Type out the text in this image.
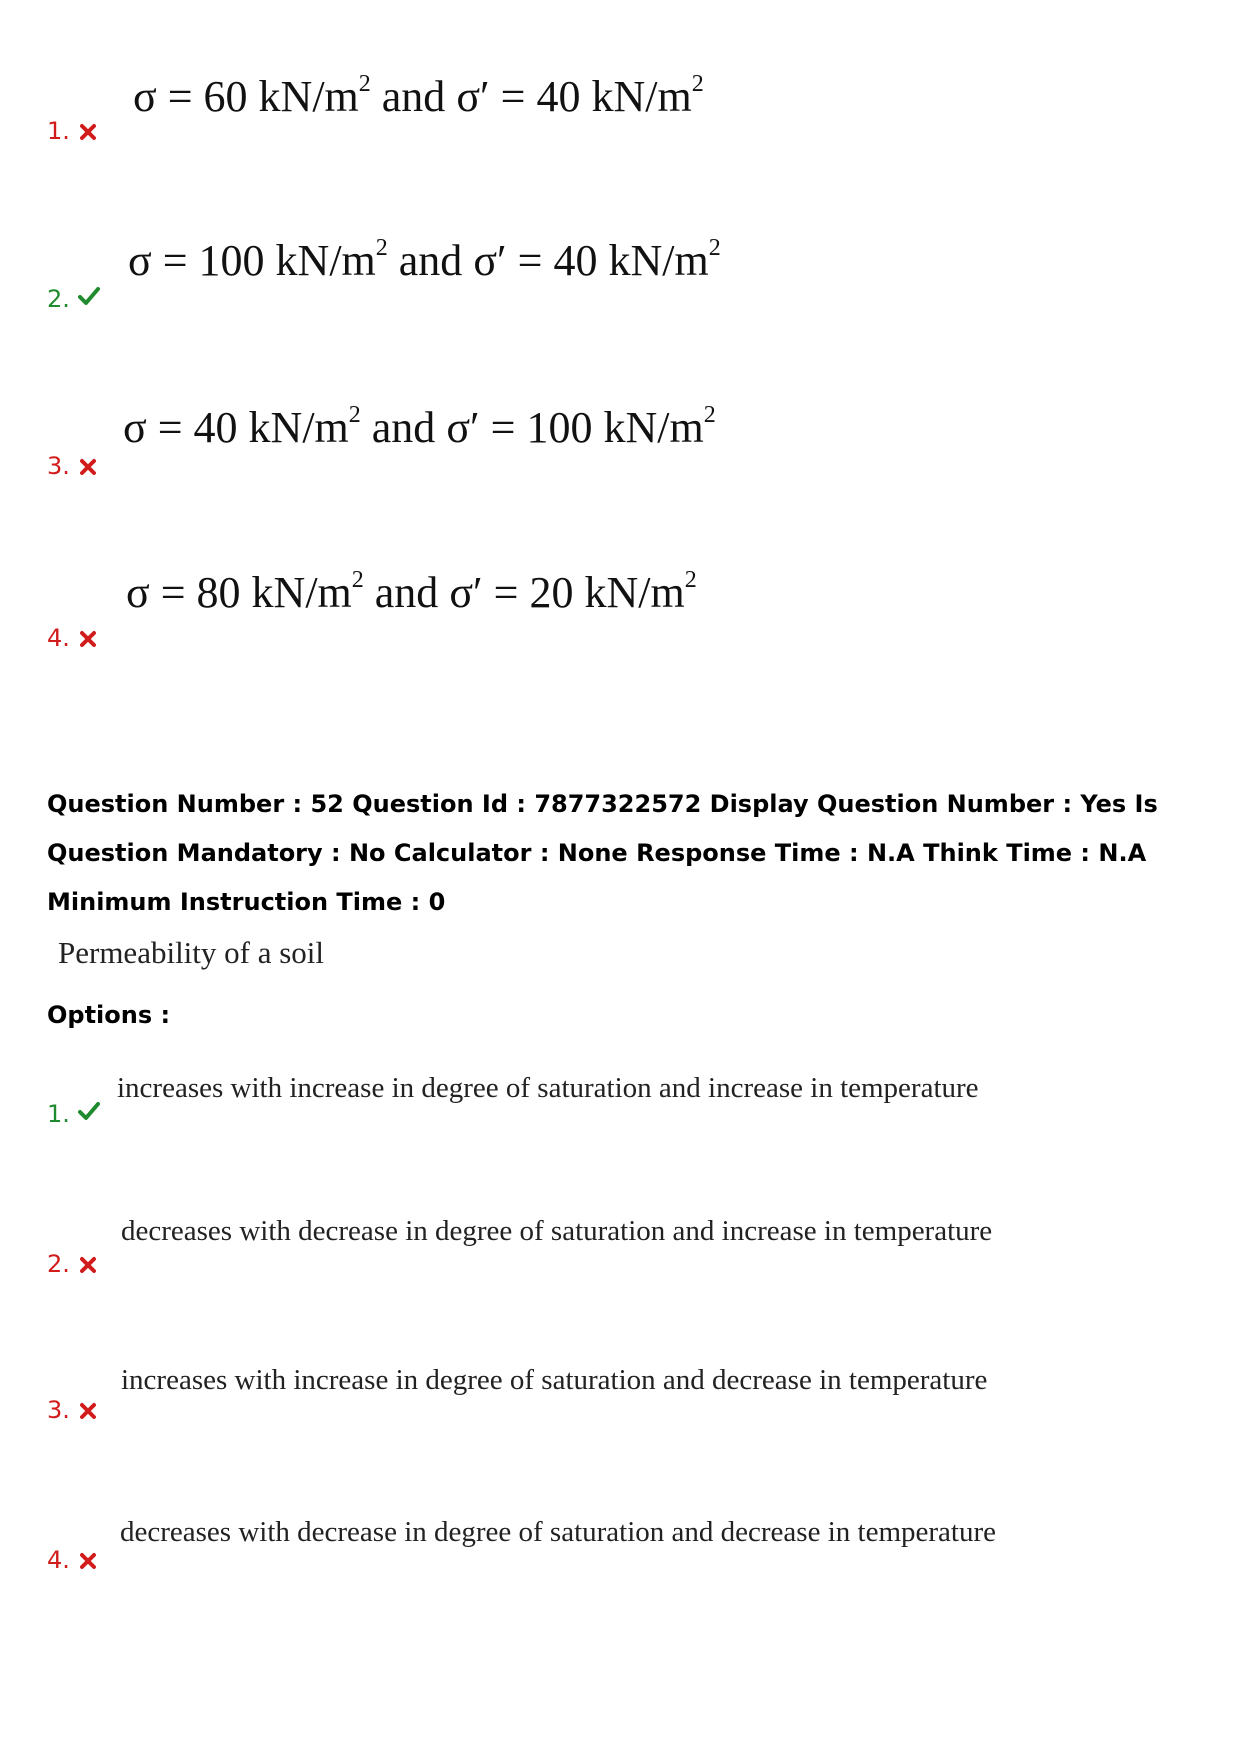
1.
σ = 60 $kN/m^2$ and σ′ = 40 $kN/m^2$
2.
σ = 100 $kN/m^2$ and σ′ = 40 $kN/m^2$
3.
σ = 40 $kN/m^2$ and σ′ = 100 $kN/m^2$
4.
σ = 80 $kN/m^2$ and σ′ = 20 $kN/m^2$
Question Number : 52 Question Id : 7877322572 Display Question Number : Yes Is Question Mandatory : No Calculator : None Response Time : N.A Think Time : N.A Minimum Instruction Time : 0
Permeability of a soil
Options :
1.
increases with increase in degree of saturation and increase in temperature
2.
decreases with decrease in degree of saturation and increase in temperature
3.
increases with increase in degree of saturation and decrease in temperature
4.
decreases with decrease in degree of saturation and decrease in temperature
